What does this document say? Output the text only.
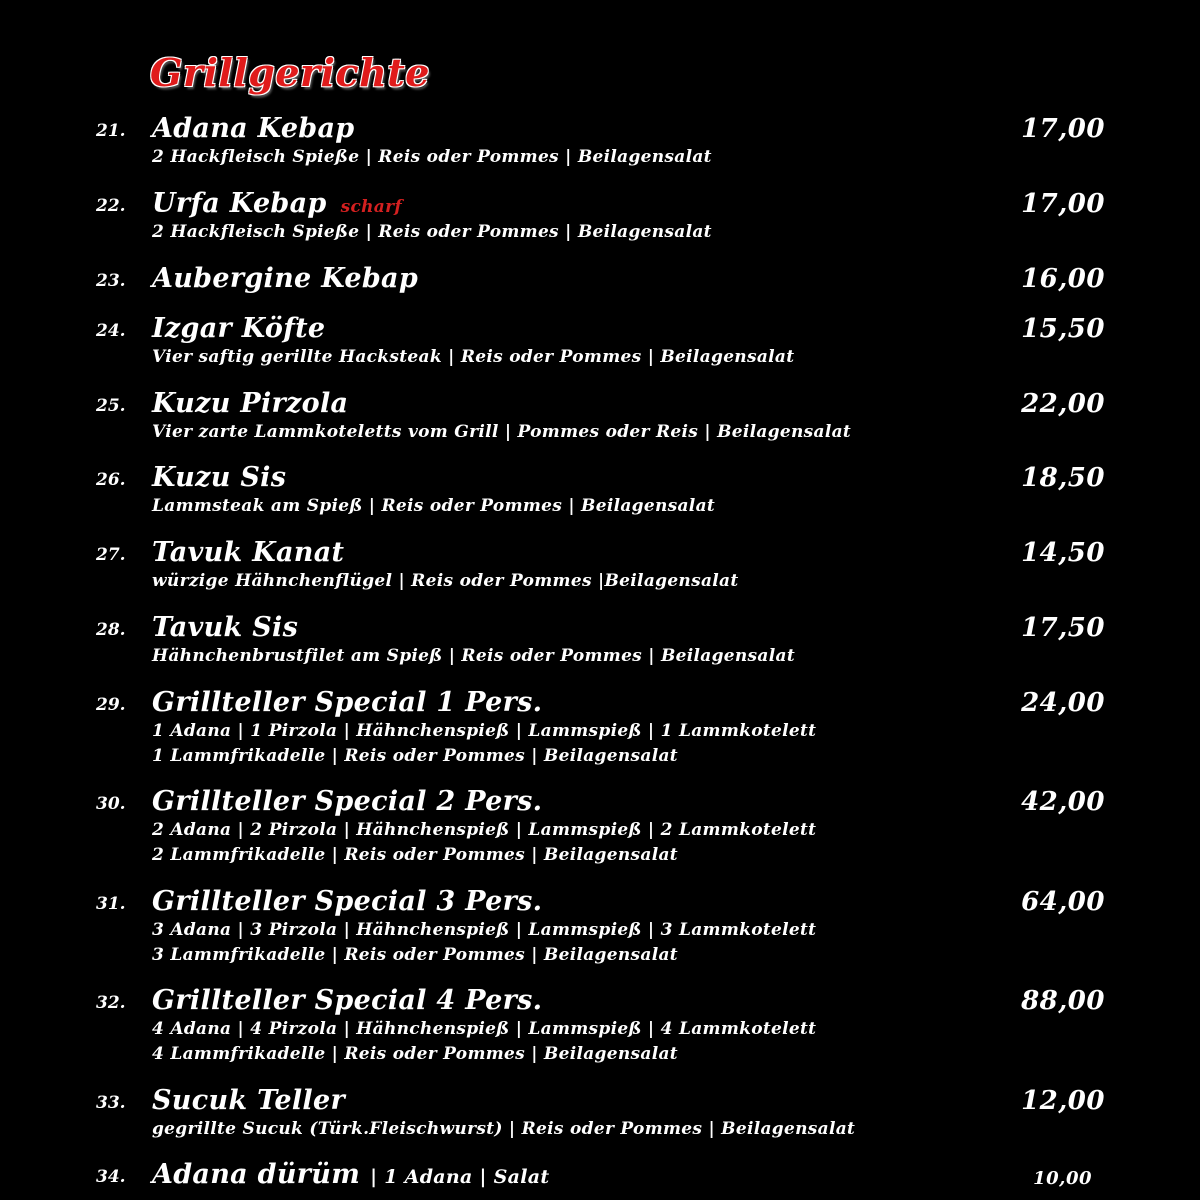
Grillgerichte
21. Adana Kebap	17,00
2 Hackfleisch Spieße | Reis oder Pommes | Beilagensalat
22. Urfa Kebap scharf	17,00
2 Hackfleisch Spieße | Reis oder Pommes | Beilagensalat
23. Aubergine Kebap	16,00
24. Izgar Köfte	15,50
Vier saftig gerillte Hacksteak | Reis oder Pommes | Beilagensalat
25. Kuzu Pirzola	22,00
Vier zarte Lammkoteletts vom Grill | Pommes oder Reis | Beilagensalat
26. Kuzu Sis	18,50
Lammsteak am Spieß | Reis oder Pommes | Beilagensalat
27. Tavuk Kanat	14,50
würzige Hähnchenflügel | Reis oder Pommes |Beilagensalat
28. Tavuk Sis	17,50
Hähnchenbrustfilet am Spieß | Reis oder Pommes | Beilagensalat
29. Grillteller Special 1 Pers.	24,00
1 Adana | 1 Pirzola | Hähnchenspieß | Lammspieß | 1 Lammkotelett
1 Lammfrikadelle | Reis oder Pommes | Beilagensalat
30. Grillteller Special 2 Pers.	42,00
2 Adana | 2 Pirzola | Hähnchenspieß | Lammspieß | 2 Lammkotelett
2 Lammfrikadelle | Reis oder Pommes | Beilagensalat
31. Grillteller Special 3 Pers.	64,00
3 Adana | 3 Pirzola | Hähnchenspieß | Lammspieß | 3 Lammkotelett
3 Lammfrikadelle | Reis oder Pommes | Beilagensalat
32. Grillteller Special 4 Pers.	88,00
4 Adana | 4 Pirzola | Hähnchenspieß | Lammspieß | 4 Lammkotelett
4 Lammfrikadelle | Reis oder Pommes | Beilagensalat
33. Sucuk Teller	12,00
gegrillte Sucuk (Türk.Fleischwurst) | Reis oder Pommes | Beilagensalat
34. Adana dürüm | 1 Adana | Salat	10,00
